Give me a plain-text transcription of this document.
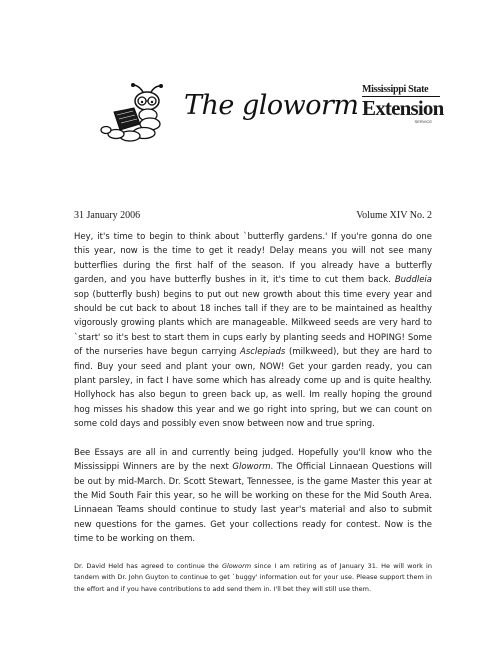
The gloworm
Mississippi State
Extension
SERVICE
31 January 2006	Volume XIV No. 2

Hey, it's time to begin to think about `butterfly gardens.' If you're gonna do one this year, now is the time to get it ready! Delay means you will not see many butterflies during the first half of the season. If you already have a butterfly garden, and you have butterfly bushes in it, it's time to cut them back. Buddleia sop (butterfly bush) begins to put out new growth about this time every year and should be cut back to about 18 inches tall if they are to be maintained as healthy vigorously growing plants which are manageable. Milkweed seeds are very hard to `start' so it's best to start them in cups early by planting seeds and HOPING! Some of the nurseries have begun carrying Asclepiads (milkweed), but they are hard to find. Buy your seed and plant your own, NOW! Get your garden ready, you can plant parsley, in fact I have some which has already come up and is quite healthy. Hollyhock has also begun to green back up, as well. Im really hoping the ground hog misses his shadow this year and we go right into spring, but we can count on some cold days and possibly even snow between now and true spring.

Bee Essays are all in and currently being judged. Hopefully you'll know who the Mississippi Winners are by the next Gloworm. The Official Linnaean Questions will be out by mid-March. Dr. Scott Stewart, Tennessee, is the game Master this year at the Mid South Fair this year, so he will be working on these for the Mid South Area. Linnaean Teams should continue to study last year's material and also to submit new questions for the games. Get your collections ready for contest. Now is the time to be working on them.

Dr. David Held has agreed to continue the Gloworm since I am retiring as of January 31. He will work in tandem with Dr. John Guyton to continue to get `buggy' information out for your use. Please support them in the effort and if you have contributions to add send them in. I'll bet they will still use them.
